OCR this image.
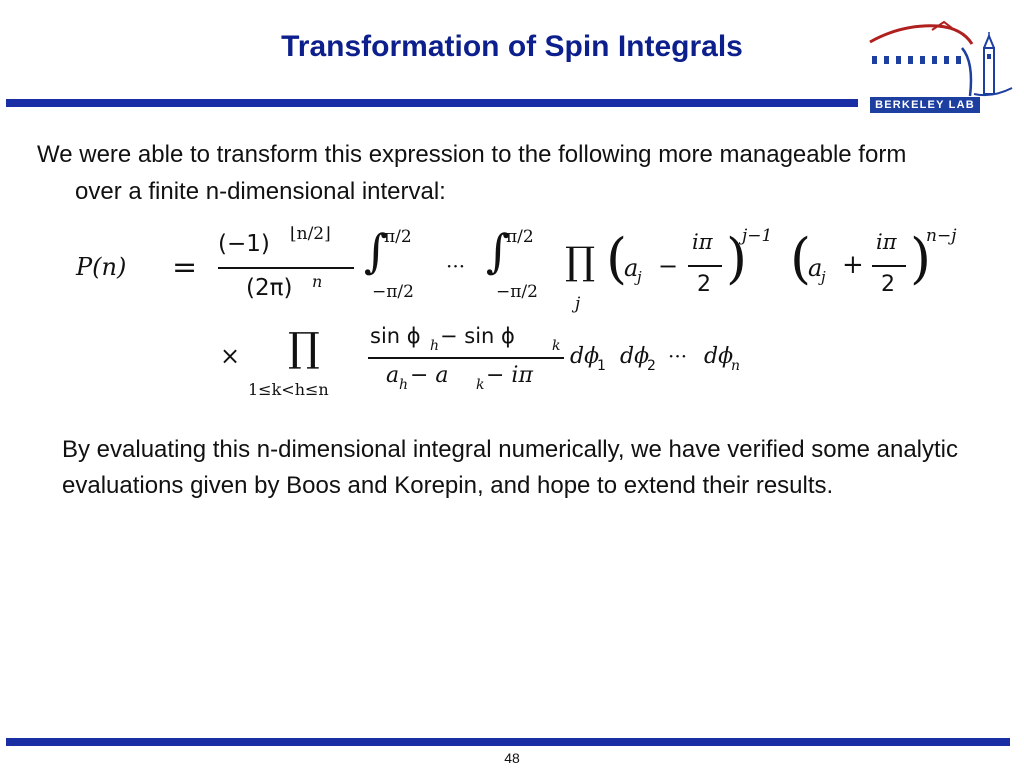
Transformation of Spin Integrals
BERKELEY LAB
We were able to transform this expression to the following more manageable form over a finite n-dimensional interval:
P(n) =
(−1) ⌊n/2⌋
(2π) n
∫
π/2
−π/2
··· ∫
π/2
−π/2
∏
j
(
a
j −
iπ
2 )
j−1 (
a
j +
iπ
2 )
n−j
× ∏
1≤k<h≤n
sin ϕ h − sin ϕ	k
a h − a k − iπ
dϕ
1 dϕ
2 ··· dϕ
n
By evaluating this n-dimensional integral numerically, we have verified some analytic evaluations given by Boos and Korepin, and hope to extend their results.
48
